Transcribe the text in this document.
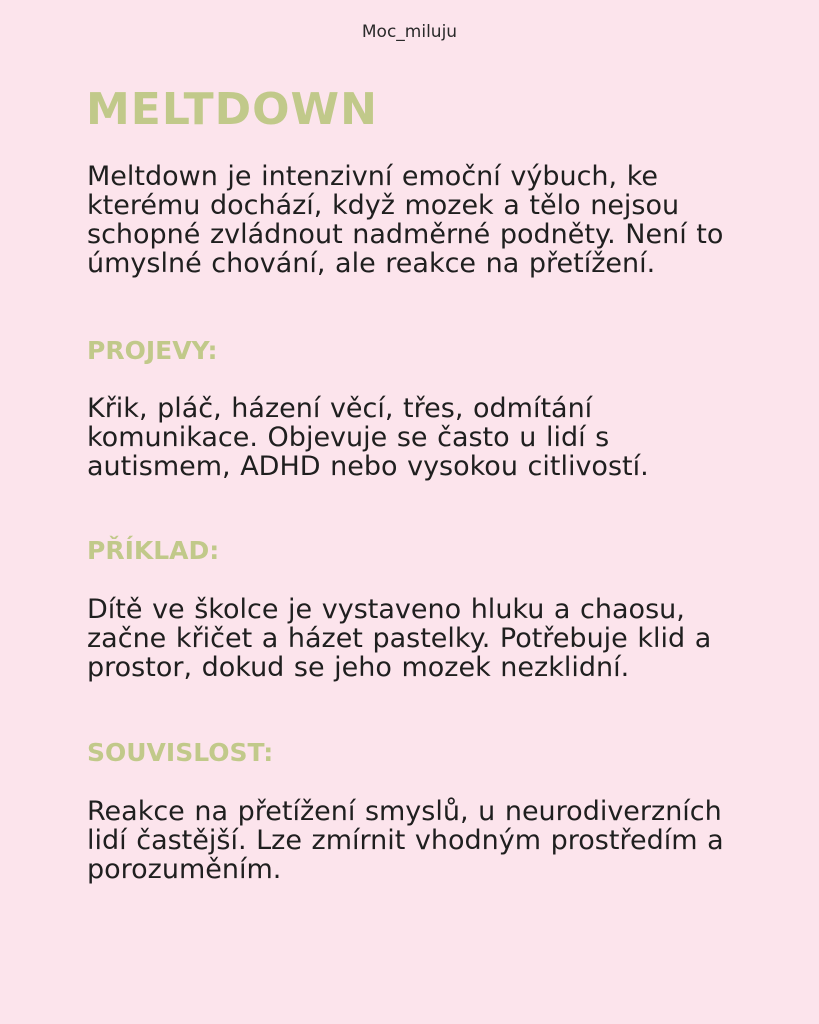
Moc_miluju
MELTDOWN

Meltdown je intenzivní emoční výbuch, ke kterému dochází, když mozek a tělo nejsou schopné zvládnout nadměrné podněty. Není to úmyslné chování, ale reakce na přetížení.

PROJEVY:

Křik, pláč, házení věcí, třes, odmítání komunikace. Objevuje se často u lidí s autismem, ADHD nebo vysokou citlivostí.

PŘÍKLAD:

Dítě ve školce je vystaveno hluku a chaosu, začne křičet a házet pastelky. Potřebuje klid a prostor, dokud se jeho mozek nezklidní.

SOUVISLOST:

Reakce na přetížení smyslů, u neurodiverzních lidí častější. Lze zmírnit vhodným prostředím a porozuměním.
